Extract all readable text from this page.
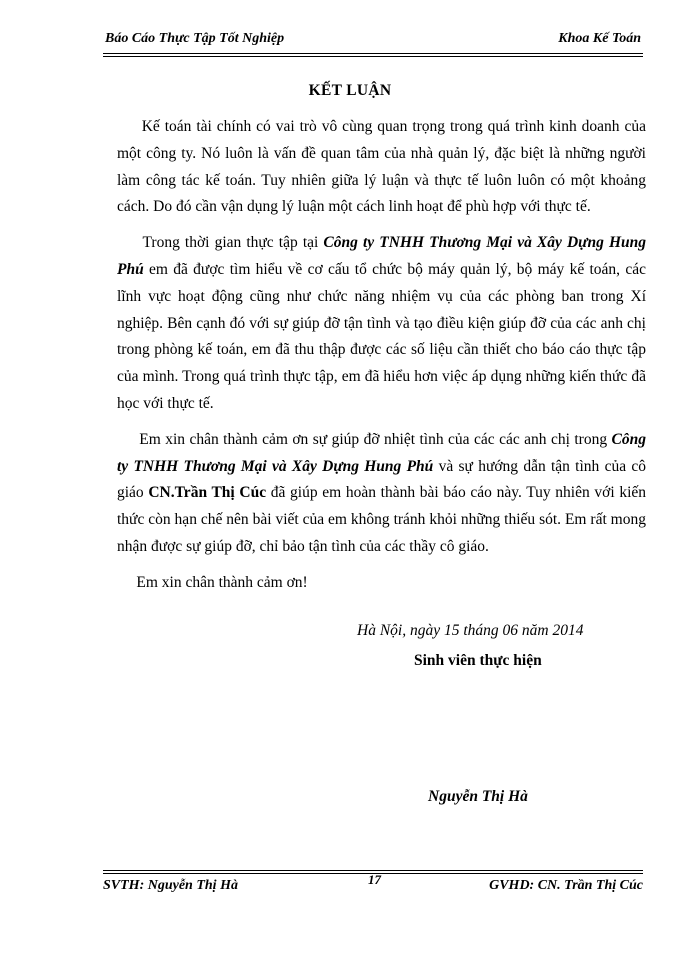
Báo Cáo Thực Tập Tốt Nghiệp	Khoa Kế Toán
KẾT LUẬN

Kế toán tài chính có vai trò vô cùng quan trọng trong quá trình kinh doanh của một công ty. Nó luôn là vấn đề quan tâm của nhà quản lý, đặc biệt là những người làm công tác kế toán. Tuy nhiên giữa lý luận và thực tế luôn luôn có một khoảng cách. Do đó cần vận dụng lý luận một cách linh hoạt để phù hợp với thực tế.

Trong thời gian thực tập tại Công ty TNHH Thương Mại và Xây Dựng Hung Phú em đã được tìm hiểu về cơ cấu tổ chức bộ máy quản lý, bộ máy kế toán, các lĩnh vực hoạt động cũng như chức năng nhiệm vụ của các phòng ban trong Xí nghiệp. Bên cạnh đó với sự giúp đỡ tận tình và tạo điều kiện giúp đỡ của các anh chị trong phòng kế toán, em đã thu thập được các số liệu cần thiết cho báo cáo thực tập của mình. Trong quá trình thực tập, em đã hiểu hơn việc áp dụng những kiến thức đã học với thực tế.

Em xin chân thành cảm ơn sự giúp đỡ nhiệt tình của các các anh chị trong Công ty TNHH Thương Mại và Xây Dựng Hung Phú và sự hướng dẫn tận tình của cô giáo CN.Trần Thị Cúc đã giúp em hoàn thành bài báo cáo này. Tuy nhiên với kiến thức còn hạn chế nên bài viết của em không tránh khỏi những thiếu sót. Em rất mong nhận được sự giúp đỡ, chỉ bảo tận tình của các thầy cô giáo.

Em xin chân thành cảm ơn!

Hà Nội, ngày 15 tháng 06 năm 2014
Sinh viên thực hiện
Nguyễn Thị Hà
SVTH: Nguyễn Thị Hà	17	GVHD: CN. Trần Thị Cúc
